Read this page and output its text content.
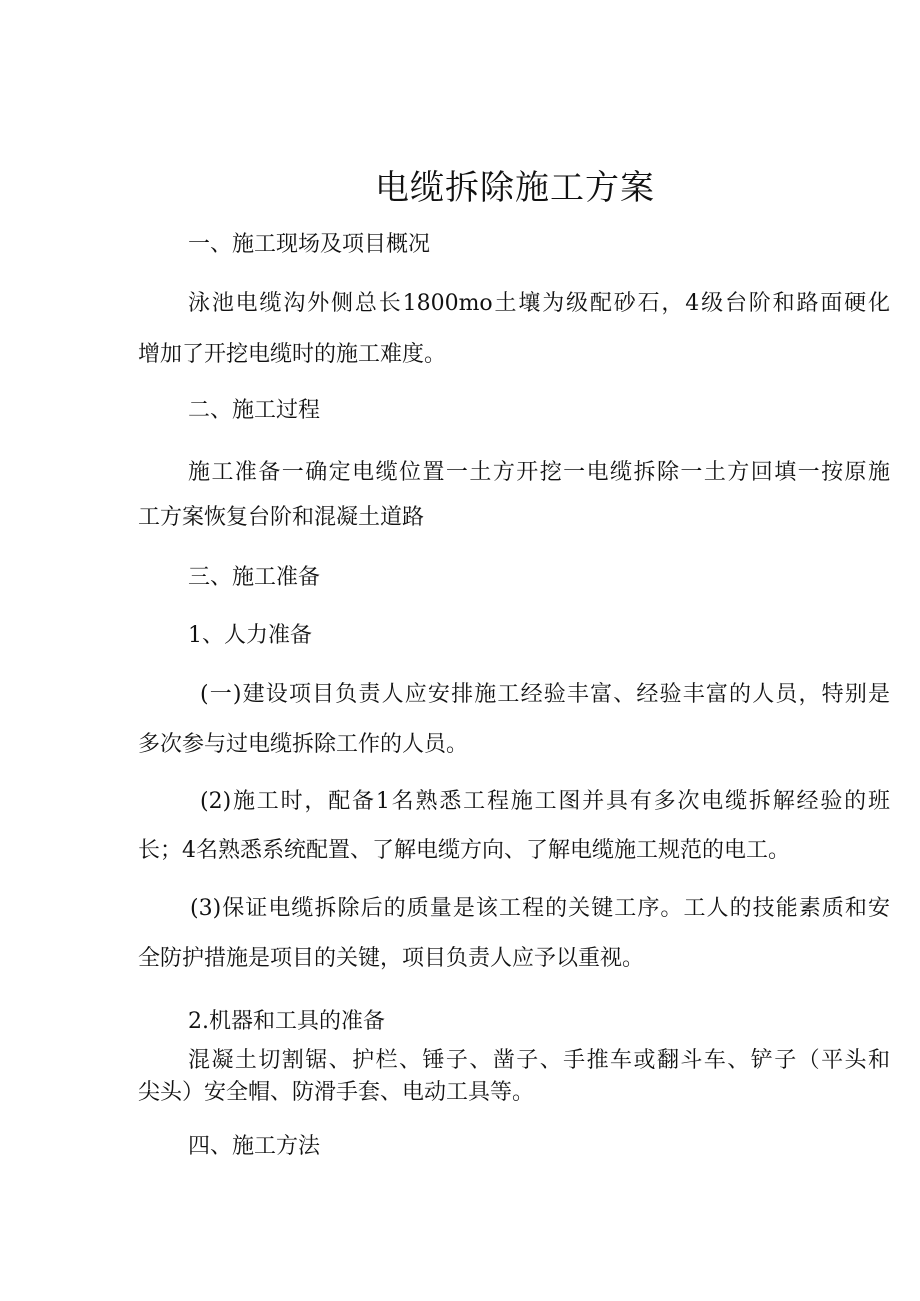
电缆拆除施工方案
一、施工现场及项目概况
泳池电缆沟外侧总长1800mo土壤为级配砂石，4级台阶和路面硬化
增加了开挖电缆时的施工难度。
二、施工过程
施工准备一确定电缆位置一土方开挖一电缆拆除一土方回填一按原施
工方案恢复台阶和混凝土道路
三、施工准备
1、人力准备
(一)建设项目负责人应安排施工经验丰富、经验丰富的人员，特别是
多次参与过电缆拆除工作的人员。
(2)施工时，配备1名熟悉工程施工图并具有多次电缆拆解经验的班
长；4名熟悉系统配置、了解电缆方向、了解电缆施工规范的电工。
(3)保证电缆拆除后的质量是该工程的关键工序。工人的技能素质和安
全防护措施是项目的关键，项目负责人应予以重视。
2.机器和工具的准备
混凝土切割锯、护栏、锤子、凿子、手推车或翻斗车、铲子（平头和
尖头）安全帽、防滑手套、电动工具等。
四、施工方法
